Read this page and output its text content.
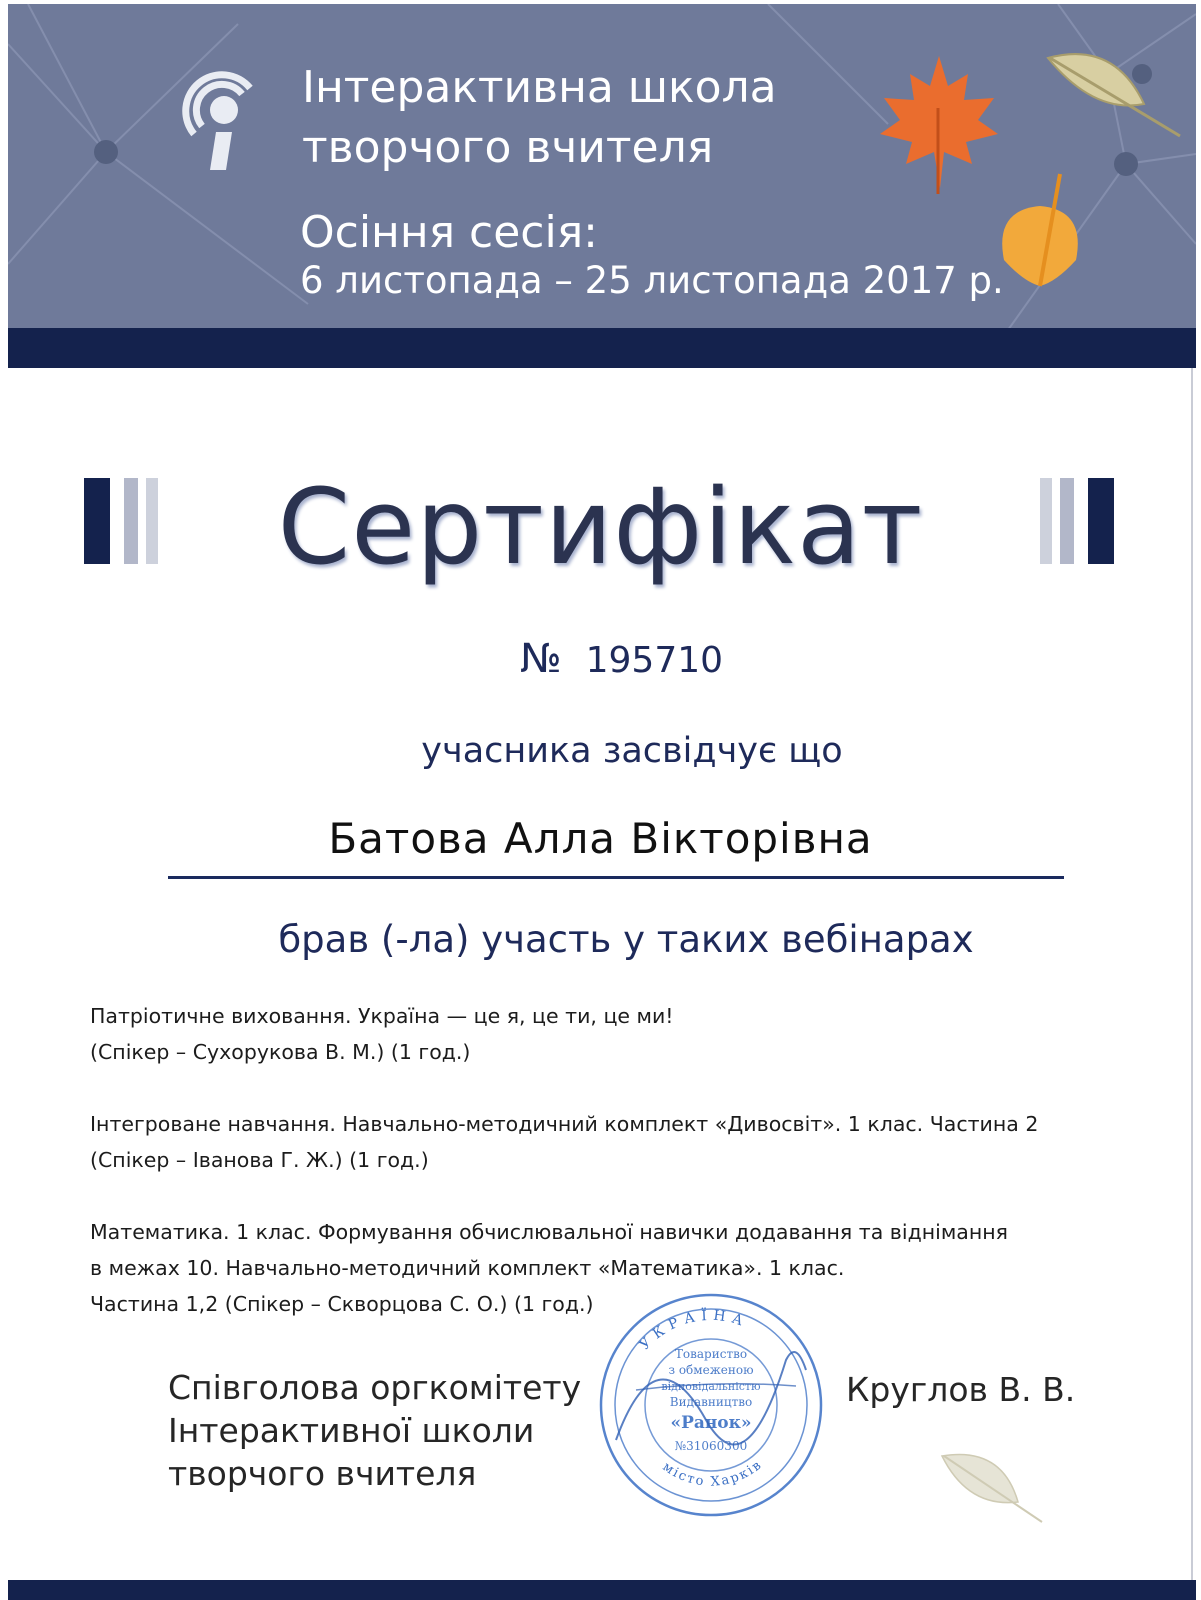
Інтерактивна школа
творчого вчителя
Осіння сесія:
6 листопада – 25 листопада 2017 р.
Сертифікат
№ 195710
учасника засвідчує що
Батова Алла Вікторівна
брав (-ла) участь у таких вебінарах
Патріотичне виховання. Україна — це я, це ти, це ми!
(Спікер – Сухорукова В. М.) (1 год.)
Інтегроване навчання. Навчально-методичний комплект «Дивосвіт». 1 клас. Частина 2
(Спікер – Іванова Г. Ж.) (1 год.)
Математика. 1 клас. Формування обчислювальної навички додавання та віднімання
в межах 10. Навчально-методичний комплект «Математика». 1 клас.
Частина 1,2 (Спікер – Скворцова С. О.) (1 год.)
Співголова оргкомітету
Інтерактивної школи
творчого вчителя
УКРАЇНА
місто Харків
Товариство
з обмеженою
відповідальністю
Видавництво
«Ранок»
№31060300
Круглов В. В.
